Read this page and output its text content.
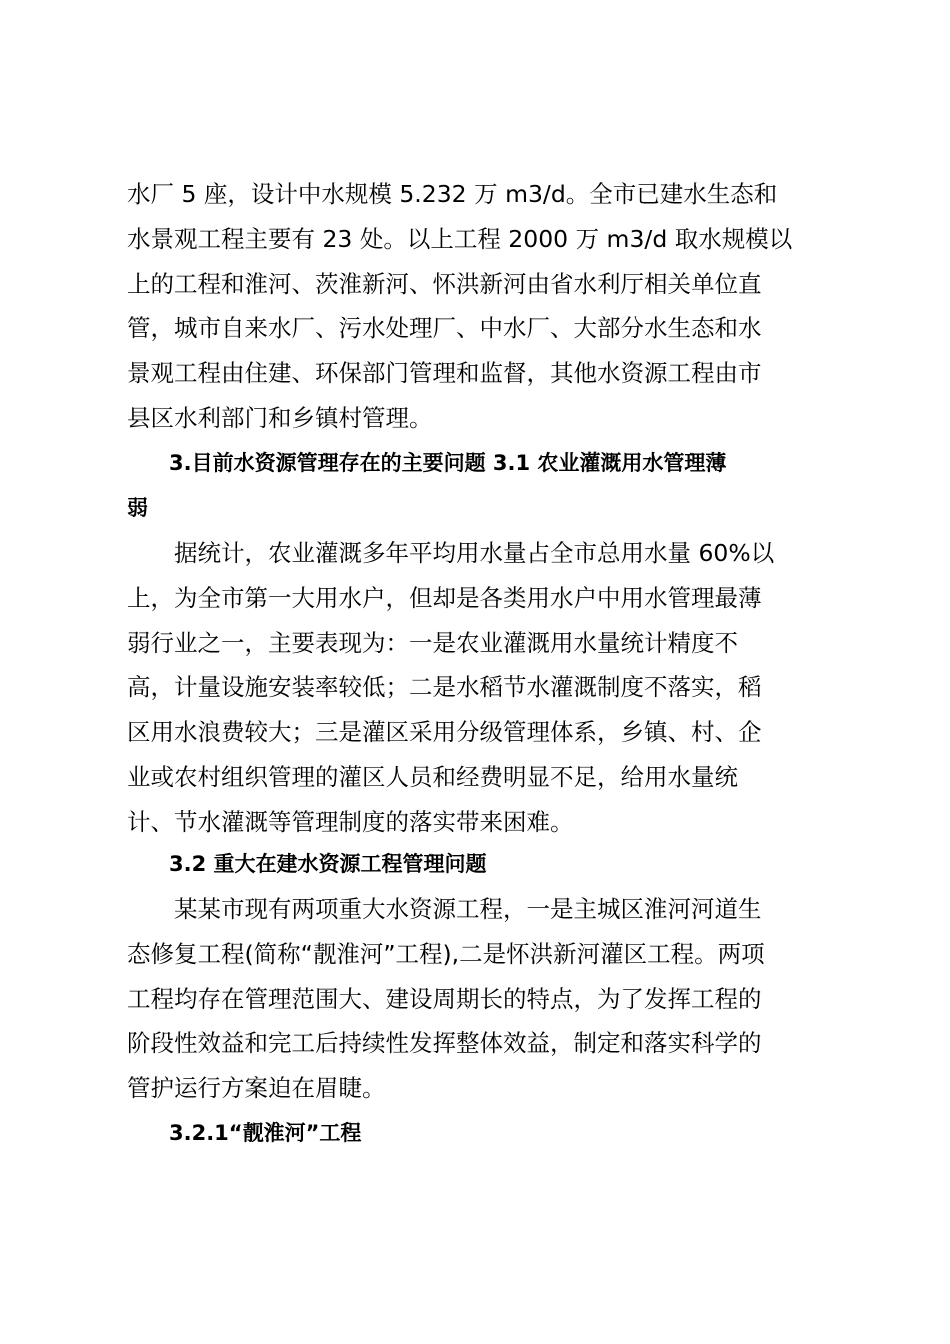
水厂 5 座，设计中水规模 5.232 万 m3/d。全市已建水生态和
水景观工程主要有 23 处。以上工程 2000 万 m3/d 取水规模以
上的工程和淮河、茨淮新河、怀洪新河由省水利厅相关单位直
管，城市自来水厂、污水处理厂、中水厂、大部分水生态和水
景观工程由住建、环保部门管理和监督，其他水资源工程由市
县区水利部门和乡镇村管理。

　　3.目前水资源管理存在的主要问题 3.1 农业灌溉用水管理薄
弱

　　据统计，农业灌溉多年平均用水量占全市总用水量 60%以
上，为全市第一大用水户，但却是各类用水户中用水管理最薄
弱行业之一，主要表现为：一是农业灌溉用水量统计精度不
高，计量设施安装率较低；二是水稻节水灌溉制度不落实，稻
区用水浪费较大；三是灌区采用分级管理体系，乡镇、村、企
业或农村组织管理的灌区人员和经费明显不足，给用水量统
计、节水灌溉等管理制度的落实带来困难。

　　3.2 重大在建水资源工程管理问题

　　某某市现有两项重大水资源工程，一是主城区淮河河道生
态修复工程(简称“靓淮河”工程),二是怀洪新河灌区工程。两项
工程均存在管理范围大、建设周期长的特点，为了发挥工程的
阶段性效益和完工后持续性发挥整体效益，制定和落实科学的
管护运行方案迫在眉睫。

　　3.2.1“靓淮河”工程
